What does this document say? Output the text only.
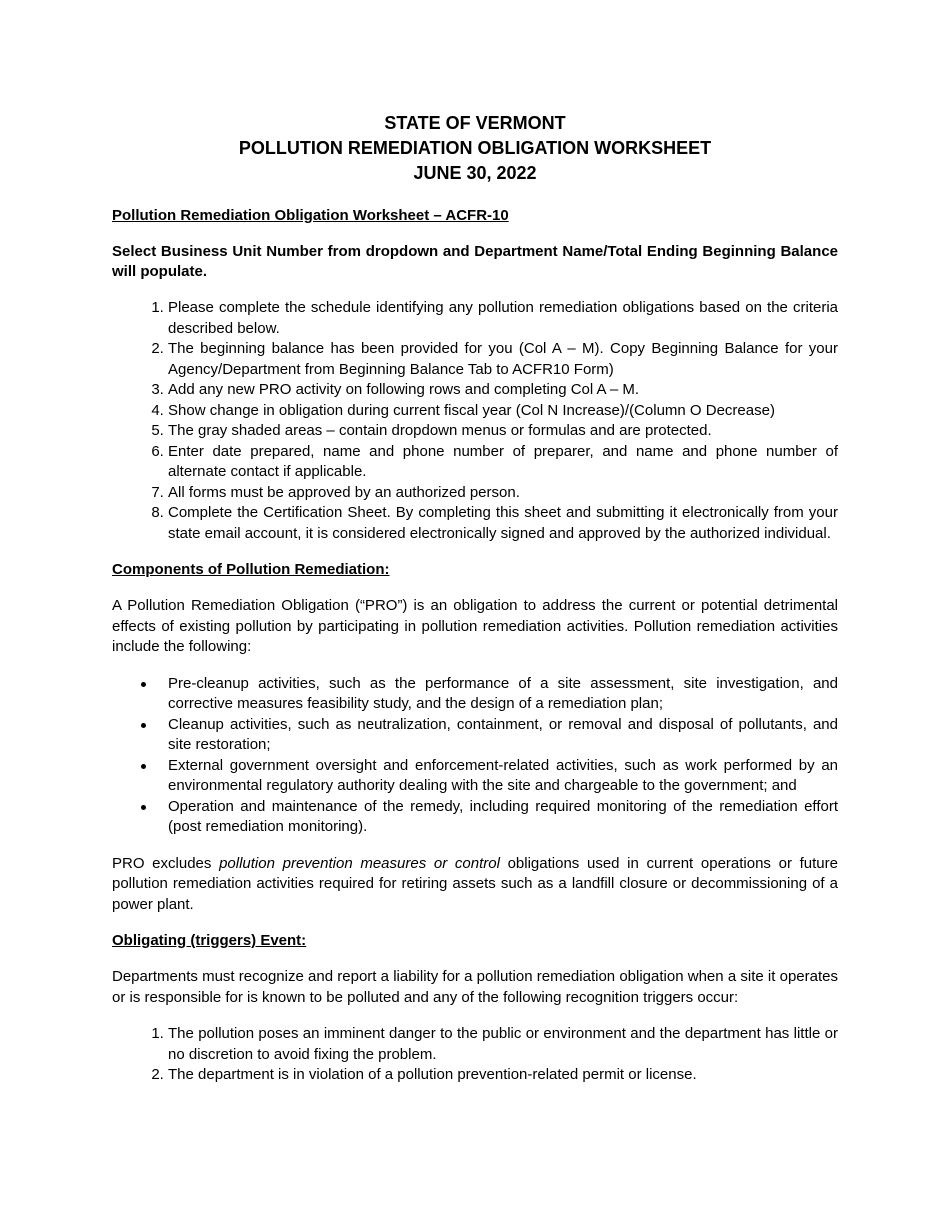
STATE OF VERMONT
POLLUTION REMEDIATION OBLIGATION WORKSHEET
JUNE 30, 2022
Pollution Remediation Obligation Worksheet – ACFR-10
Select Business Unit Number from dropdown and Department Name/Total Ending Beginning Balance will populate.
1. Please complete the schedule identifying any pollution remediation obligations based on the criteria described below.
2. The beginning balance has been provided for you (Col A – M). Copy Beginning Balance for your Agency/Department from Beginning Balance Tab to ACFR10 Form)
3. Add any new PRO activity on following rows and completing Col A – M.
4. Show change in obligation during current fiscal year (Col N Increase)/(Column O Decrease)
5. The gray shaded areas – contain dropdown menus or formulas and are protected.
6. Enter date prepared, name and phone number of preparer, and name and phone number of alternate contact if applicable.
7. All forms must be approved by an authorized person.
8. Complete the Certification Sheet. By completing this sheet and submitting it electronically from your state email account, it is considered electronically signed and approved by the authorized individual.
Components of Pollution Remediation:
A Pollution Remediation Obligation (“PRO”) is an obligation to address the current or potential detrimental effects of existing pollution by participating in pollution remediation activities. Pollution remediation activities include the following:
Pre-cleanup activities, such as the performance of a site assessment, site investigation, and corrective measures feasibility study, and the design of a remediation plan;
Cleanup activities, such as neutralization, containment, or removal and disposal of pollutants, and site restoration;
External government oversight and enforcement-related activities, such as work performed by an environmental regulatory authority dealing with the site and chargeable to the government; and
Operation and maintenance of the remedy, including required monitoring of the remediation effort (post remediation monitoring).
PRO excludes pollution prevention measures or control obligations used in current operations or future pollution remediation activities required for retiring assets such as a landfill closure or decommissioning of a power plant.
Obligating (triggers) Event:
Departments must recognize and report a liability for a pollution remediation obligation when a site it operates or is responsible for is known to be polluted and any of the following recognition triggers occur:
1. The pollution poses an imminent danger to the public or environment and the department has little or no discretion to avoid fixing the problem.
2. The department is in violation of a pollution prevention-related permit or license.
